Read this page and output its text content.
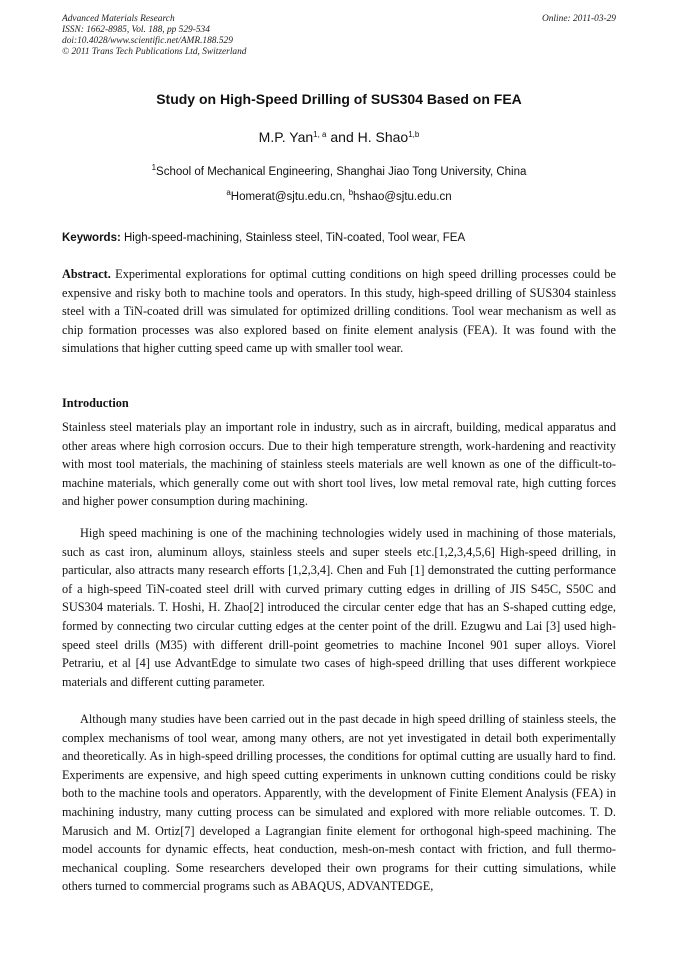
Advanced Materials Research
ISSN: 1662-8985, Vol. 188, pp 529-534
doi:10.4028/www.scientific.net/AMR.188.529
© 2011 Trans Tech Publications Ltd, Switzerland
Online: 2011-03-29
Study on High-Speed Drilling of SUS304 Based on FEA
M.P. Yan$^{1, a}$ and H. Shao$^{1,b}$
$^1$School of Mechanical Engineering, Shanghai Jiao Tong University, China
$^a$Homerat@sjtu.edu.cn, $^b$hshao@sjtu.edu.cn
Keywords: High-speed-machining, Stainless steel, TiN-coated, Tool wear, FEA
Abstract. Experimental explorations for optimal cutting conditions on high speed drilling processes could be expensive and risky both to machine tools and operators. In this study, high-speed drilling of SUS304 stainless steel with a TiN-coated drill was simulated for optimized drilling conditions. Tool wear mechanism as well as chip formation processes was also explored based on finite element analysis (FEA). It was found with the simulations that higher cutting speed came up with smaller tool wear.
Introduction
Stainless steel materials play an important role in industry, such as in aircraft, building, medical apparatus and other areas where high corrosion occurs. Due to their high temperature strength, work-hardening and reactivity with most tool materials, the machining of stainless steels materials are well known as one of the difficult-to-machine materials, which generally come out with short tool lives, low metal removal rate, high cutting forces and higher power consumption during machining.
High speed machining is one of the machining technologies widely used in machining of those materials, such as cast iron, aluminum alloys, stainless steels and super steels etc.[1,2,3,4,5,6] High-speed drilling, in particular, also attracts many research efforts [1,2,3,4]. Chen and Fuh [1] demonstrated the cutting performance of a high-speed TiN-coated steel drill with curved primary cutting edges in drilling of JIS S45C, S50C and SUS304 materials. T. Hoshi, H. Zhao[2] introduced the circular center edge that has an S-shaped cutting edge, formed by connecting two circular cutting edges at the center point of the drill. Ezugwu and Lai [3] used high-speed steel drills (M35) with different drill-point geometries to machine Inconel 901 super alloys. Viorel Petrariu, et al [4] use AdvantEdge to simulate two cases of high-speed drilling that uses different workpiece materials and different cutting parameter.
Although many studies have been carried out in the past decade in high speed drilling of stainless steels, the complex mechanisms of tool wear, among many others, are not yet investigated in detail both experimentally and theoretically. As in high-speed drilling processes, the conditions for optimal cutting are usually hard to find. Experiments are expensive, and high speed cutting experiments in unknown cutting conditions could be risky both to the machine tools and operators. Apparently, with the development of Finite Element Analysis (FEA) in machining industry, many cutting process can be simulated and explored with more reliable outcomes. T. D. Marusich and M. Ortiz[7] developed a Lagrangian finite element for orthogonal high-speed machining. The model accounts for dynamic effects, heat conduction, mesh-on-mesh contact with friction, and full thermo-mechanical coupling. Some researchers developed their own programs for their cutting simulations, while others turned to commercial programs such as ABAQUS, ADVANTEDGE,
